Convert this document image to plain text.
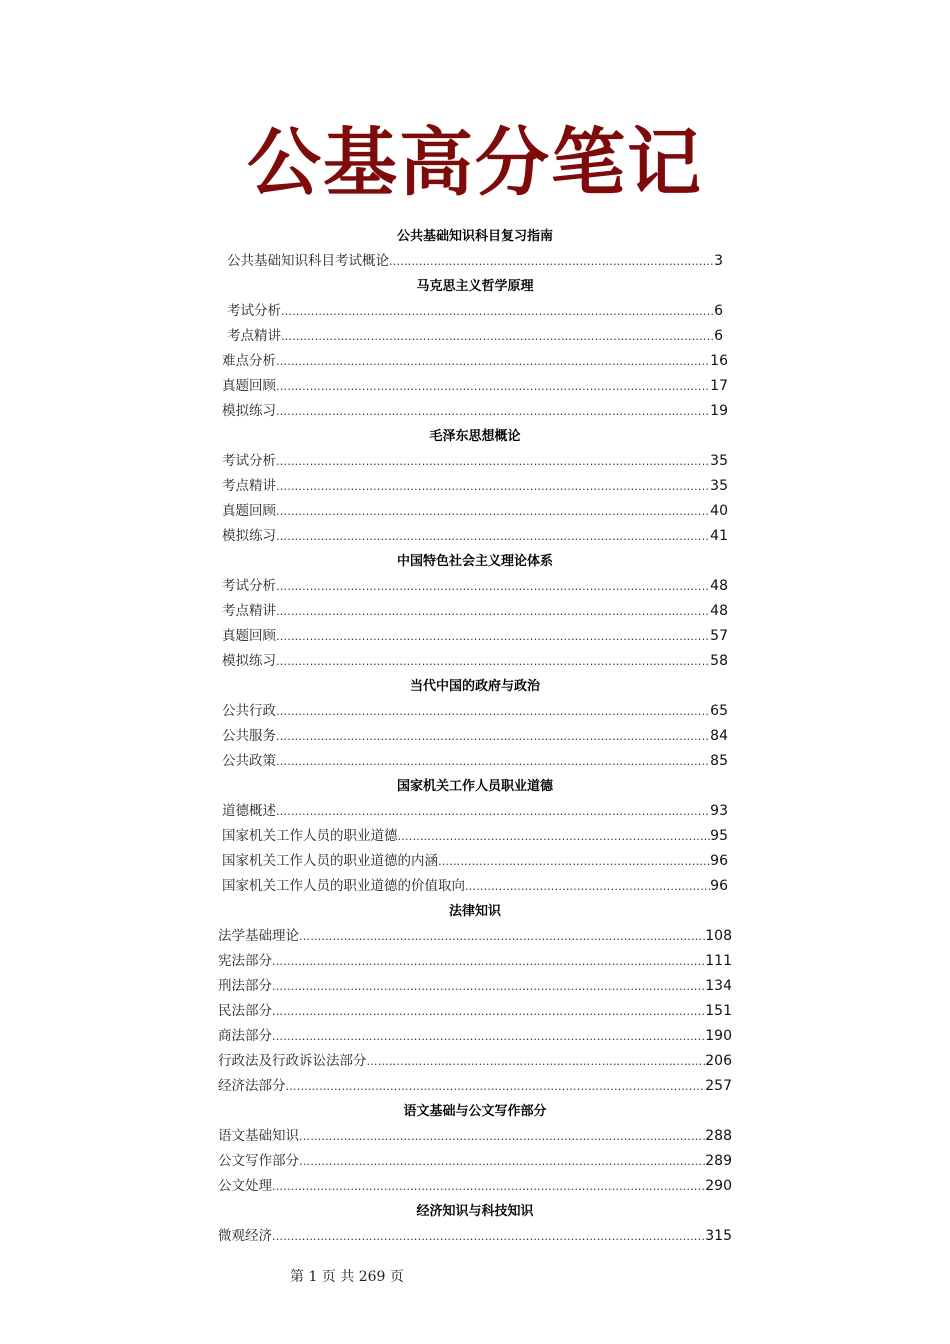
公基高分笔记
公共基础知识科目复习指南
公共基础知识科目考试概论 ………………………………………………………………………………………………………………………………………………………………………………………………………………………………………………………………	3
马克思主义哲学原理
考试分析 ………………………………………………………………………………………………………………………………………………………………………………………………………………………………………………………………	6
考点精讲 ………………………………………………………………………………………………………………………………………………………………………………………………………………………………………………………………	6
难点分析 ………………………………………………………………………………………………………………………………………………………………………………………………………………………………………………………………	16
真题回顾 ………………………………………………………………………………………………………………………………………………………………………………………………………………………………………………………………	17
模拟练习 ………………………………………………………………………………………………………………………………………………………………………………………………………………………………………………………………	19
毛泽东思想概论
考试分析 ………………………………………………………………………………………………………………………………………………………………………………………………………………………………………………………………	35
考点精讲 ………………………………………………………………………………………………………………………………………………………………………………………………………………………………………………………………	35
真题回顾 ………………………………………………………………………………………………………………………………………………………………………………………………………………………………………………………………	40
模拟练习 ………………………………………………………………………………………………………………………………………………………………………………………………………………………………………………………………	41
中国特色社会主义理论体系
考试分析 ………………………………………………………………………………………………………………………………………………………………………………………………………………………………………………………………	48
考点精讲 ………………………………………………………………………………………………………………………………………………………………………………………………………………………………………………………………	48
真题回顾 ………………………………………………………………………………………………………………………………………………………………………………………………………………………………………………………………	57
模拟练习 ………………………………………………………………………………………………………………………………………………………………………………………………………………………………………………………………	58
当代中国的政府与政治
公共行政 ………………………………………………………………………………………………………………………………………………………………………………………………………………………………………………………………	65
公共服务 ………………………………………………………………………………………………………………………………………………………………………………………………………………………………………………………………	84
公共政策 ………………………………………………………………………………………………………………………………………………………………………………………………………………………………………………………………	85
国家机关工作人员职业道德
道德概述 ………………………………………………………………………………………………………………………………………………………………………………………………………………………………………………………………	93
国家机关工作人员的职业道德 ………………………………………………………………………………………………………………………………………………………………………………………………………………………………………………………………	95
国家机关工作人员的职业道德的内涵 ………………………………………………………………………………………………………………………………………………………………………………………………………………………………………………………………	96
国家机关工作人员的职业道德的价值取向 ………………………………………………………………………………………………………………………………………………………………………………………………………………………………………………………………	96
法律知识
法学基础理论 ………………………………………………………………………………………………………………………………………………………………………………………………………………………………………………………………	108
宪法部分 ………………………………………………………………………………………………………………………………………………………………………………………………………………………………………………………………	111
刑法部分 ………………………………………………………………………………………………………………………………………………………………………………………………………………………………………………………………	134
民法部分 ………………………………………………………………………………………………………………………………………………………………………………………………………………………………………………………………	151
商法部分 ………………………………………………………………………………………………………………………………………………………………………………………………………………………………………………………………	190
行政法及行政诉讼法部分 ………………………………………………………………………………………………………………………………………………………………………………………………………………………………………………………………	206
经济法部分 ………………………………………………………………………………………………………………………………………………………………………………………………………………………………………………………………	257
语文基础与公文写作部分
语文基础知识 ………………………………………………………………………………………………………………………………………………………………………………………………………………………………………………………………	288
公文写作部分 ………………………………………………………………………………………………………………………………………………………………………………………………………………………………………………………………	289
公文处理 ………………………………………………………………………………………………………………………………………………………………………………………………………………………………………………………………	290
经济知识与科技知识
微观经济 ………………………………………………………………………………………………………………………………………………………………………………………………………………………………………………………………	315
第 1 页 共 269 页
